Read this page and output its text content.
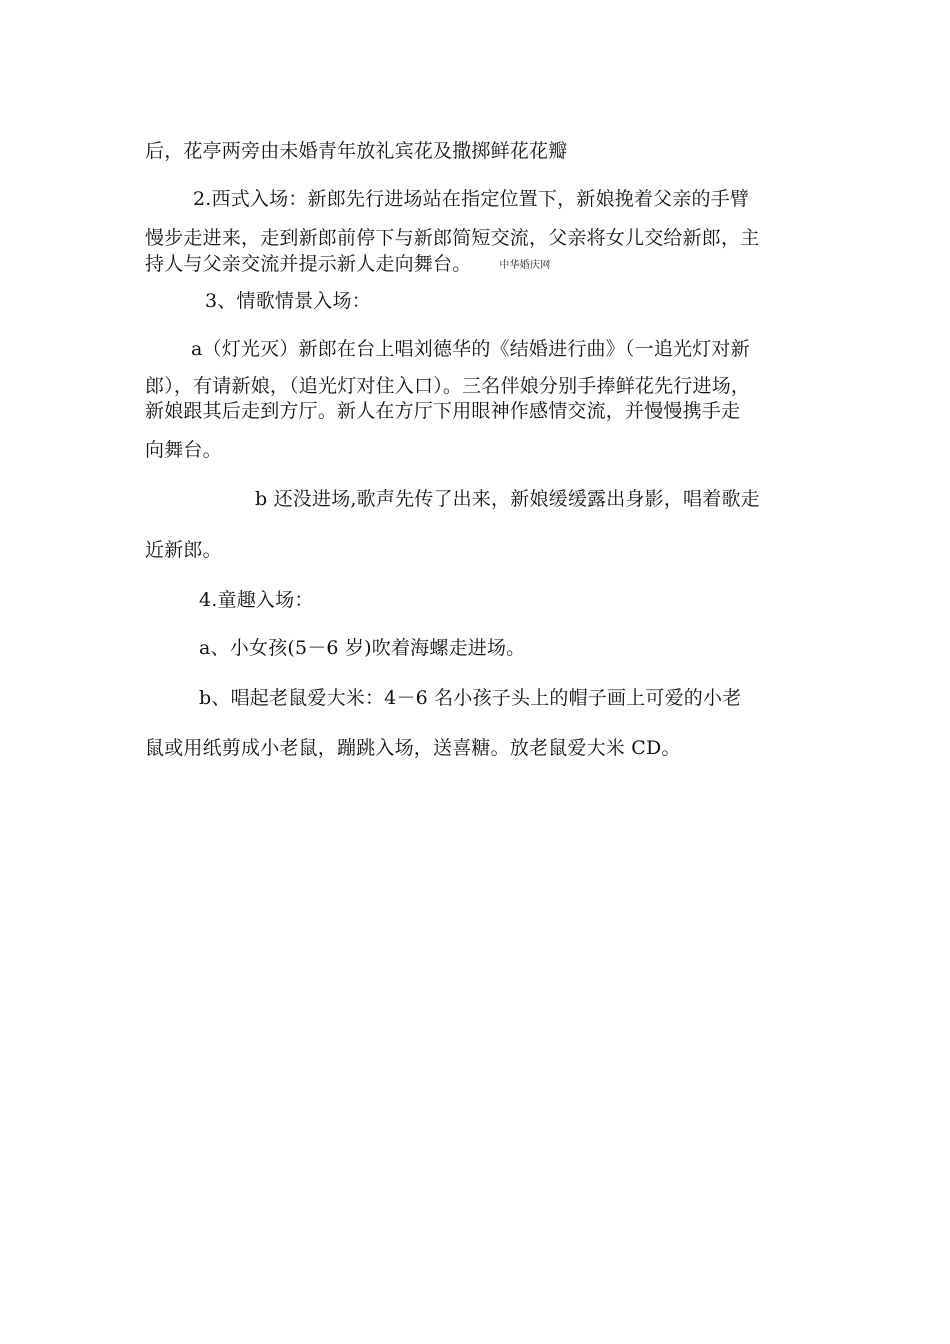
后，花亭两旁由未婚青年放礼宾花及撒掷鲜花花瓣
2.西式入场：新郎先行进场站在指定位置下，新娘挽着父亲的手臂
慢步走进来，走到新郎前停下与新郎简短交流，父亲将女儿交给新郎，主
持人与父亲交流并提示新人走向舞台。	中华婚庆网
3、情歌情景入场：
a（灯光灭）新郎在台上唱刘德华的《结婚进行曲》（一追光灯对新
郎），有请新娘，（追光灯对住入口）。三名伴娘分别手捧鲜花先行进场，
新娘跟其后走到方厅。新人在方厅下用眼神作感情交流，并慢慢携手走
向舞台。
b 还没进场,歌声先传了出来，新娘缓缓露出身影，唱着歌走
近新郎。
4.童趣入场：
a、小女孩(5－6 岁)吹着海螺走进场。
b、唱起老鼠爱大米：4－6 名小孩子头上的帽子画上可爱的小老
鼠或用纸剪成小老鼠，蹦跳入场，送喜糖。放老鼠爱大米 CD。
